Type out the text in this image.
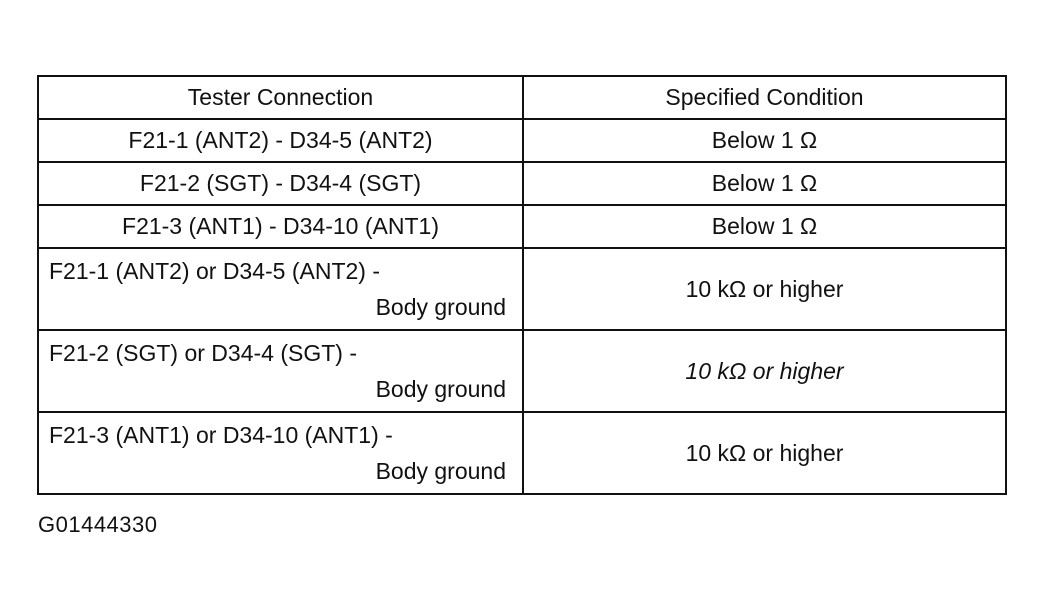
Tester Connection	Specified Condition
F21-1 (ANT2) - D34-5 (ANT2)	Below 1 Ω
F21-2 (SGT) - D34-4 (SGT)	Below 1 Ω
F21-3 (ANT1) - D34-10 (ANT1)	Below 1 Ω

F21-1 (ANT2) or D34-5 (ANT2) -
Body ground	10 kΩ or higher

F21-2 (SGT) or D34-4 (SGT) -
Body ground	10 kΩ or higher

F21-3 (ANT1) or D34-10 (ANT1) -
Body ground	10 kΩ or higher
G01444330
